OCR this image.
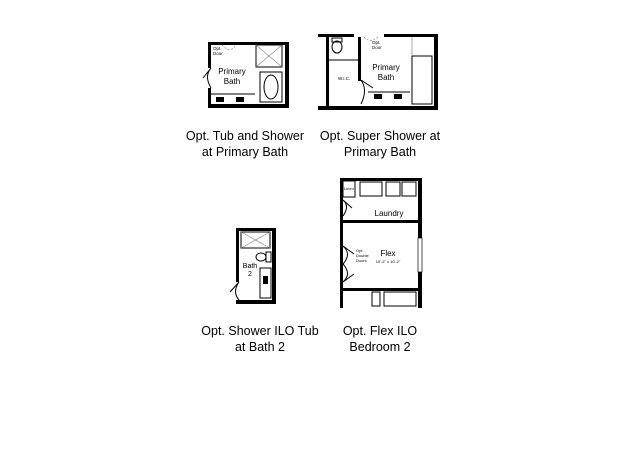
Opt.
Door
Primary
Bath
Opt. Tub and Shower
at Primary Bath
Opt.
Door
W.I.C.
Primary
Bath
Opt. Super Shower at
Primary Bath
Bath
2
Opt. Shower ILO Tub
at Bath 2
Linen
Laundry
Flex
10'-2" x 10'-2"
Opt.
Double
Doors
Opt. Flex ILO
Bedroom 2
